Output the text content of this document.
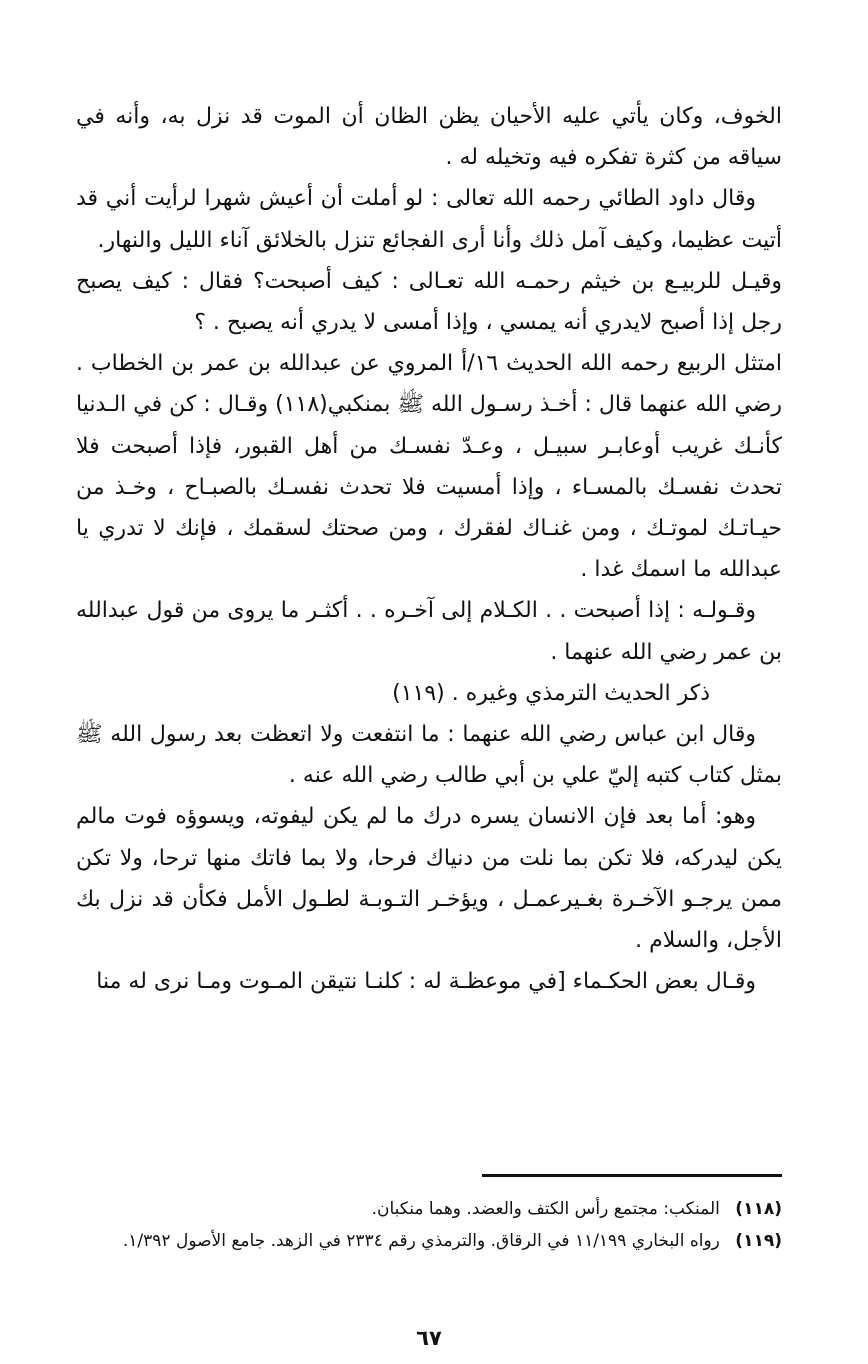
الخوف، وكان يأتي عليه الأحيان يظن الظان أن الموت قد نزل به، وأنه في سياقه من كثرة تفكره فيه وتخيله له .

وقال داود الطائي رحمه الله تعالى : لو أملت أن أعيش شهرا لرأيت أني قد أتيت عظيما، وكيف آمل ذلك وأنا أرى الفجائع تنزل بالخلائق آناء الليل والنهار.

وقيـل للربيـع بن خيثم رحمـه الله تعـالى : كيف أصبحت؟ فقال : كيف يصبح رجل إذا أصبح لايدري أنه يمسي ، وإذا أمسى لا يدري أنه يصبح . ؟

امتثل الربيع رحمه الله الحديث ١٦/أ المروي عن عبدالله بن عمر بن الخطاب . رضي الله عنهما قال : أخـذ رسـول الله ﷺ بمنكبي(١١٨) وقـال : كن في الـدنيا كأنـك غريب أوعابـر سبيـل ، وعـدّ نفسـك من أهل القبور، فإذا أصبحت فلا تحدث نفسـك بالمسـاء ، وإذا أمسيت فلا تحدث نفسـك بالصبـاح ، وخـذ من حيـاتـك لموتـك ، ومن غنـاك لفقرك ، ومن صحتك لسقمك ، فإنك لا تدري يا عبدالله ما اسمك غدا .

وقـولـه : إذا أصبحت . . الكـلام إلى آخـره . . أكثـر ما يروى من قول عبدالله بن عمر رضي الله عنهما .

ذكر الحديث الترمذي وغيره . (١١٩)

وقال ابن عباس رضي الله عنهما : ما انتفعت ولا اتعظت بعد رسول الله ﷺ بمثل كتاب كتبه إليّ علي بن أبي طالب رضي الله عنه .

وهو: أما بعد فإن الانسان يسره درك ما لم يكن ليفوته، ويسوؤه فوت مالم يكن ليدركه، فلا تكن بما نلت من دنياك فرحا، ولا بما فاتك منها ترحا، ولا تكن ممن يرجـو الآخـرة بغـيرعمـل ، ويؤخـر التـوبـة لطـول الأمل فكأن قد نزل بك الأجل، والسلام .

وقـال بعض الحكـماء [في موعظـة له : كلنـا نتيقن المـوت ومـا نرى له منا

(١١٨) المنكب: مجتمع رأس الكتف والعضد. وهما منكبان.

(١١٩) رواه البخاري ١١/١٩٩ في الرقاق. والترمذي رقم ٢٣٣٤ في الزهد. جامع الأصول ١/٣٩٢.

٦٧
